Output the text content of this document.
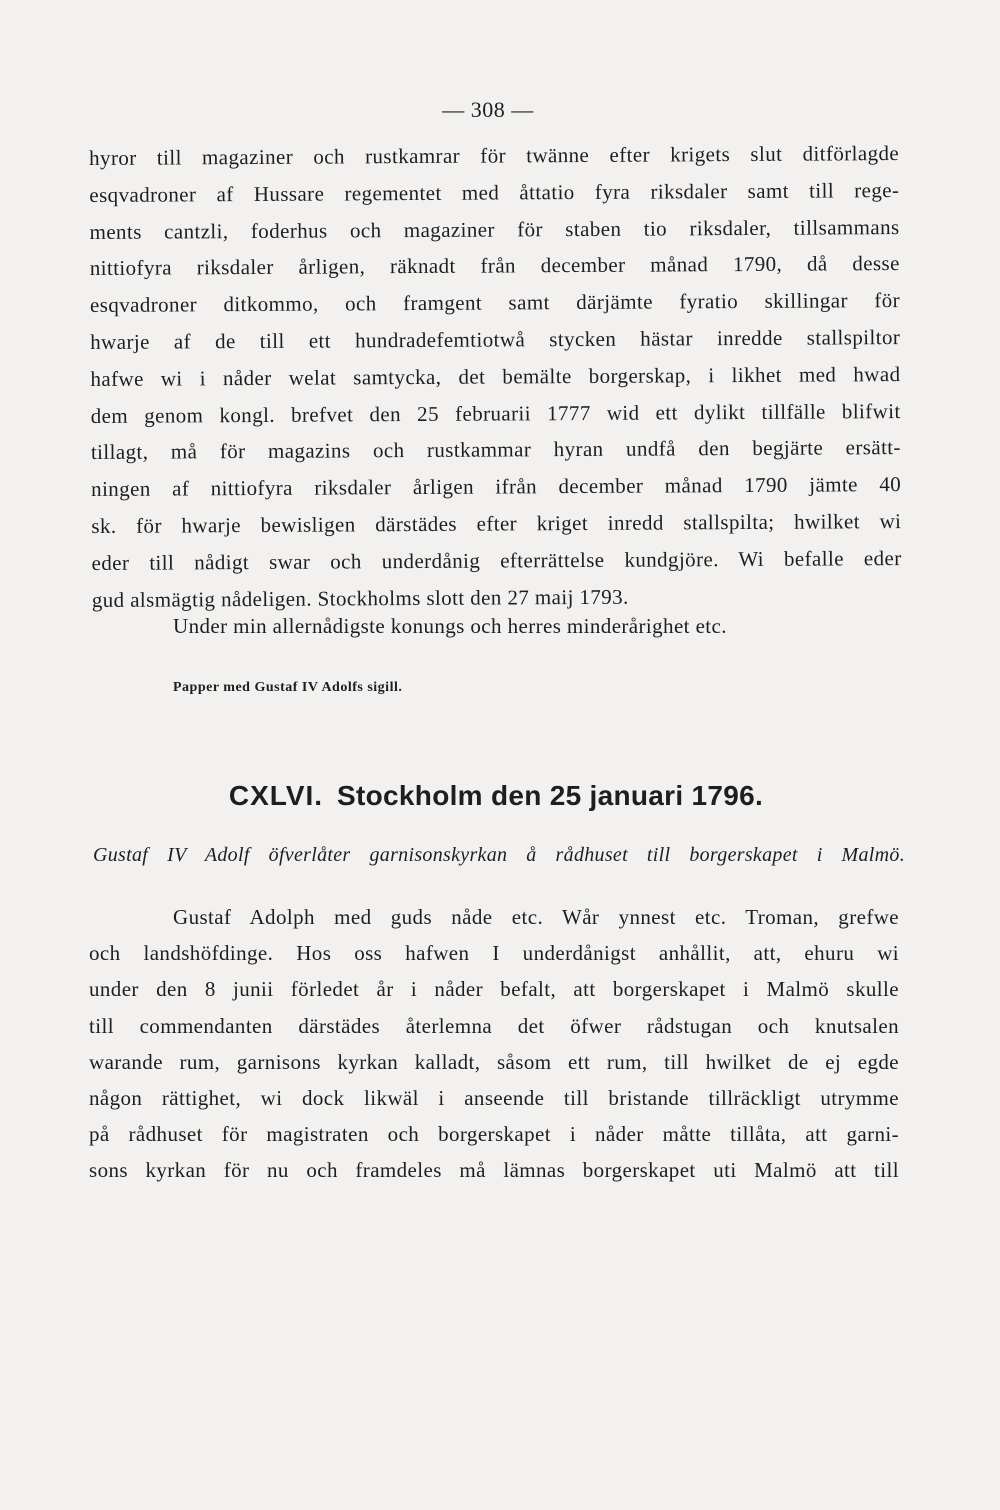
— 308 —
hyror till magaziner och rustkamrar för twänne efter krigets slut ditförlagde
esqvadroner af Hussare regementet med åttatio fyra riksdaler samt till rege-
ments cantzli, foderhus och magaziner för staben tio riksdaler, tillsammans
nittiofyra riksdaler årligen, räknadt från december månad 1790, då desse
esqvadroner ditkommo, och framgent samt därjämte fyratio skillingar för
hwarje af de till ett hundradefemtiotwå stycken hästar inredde stallspiltor
hafwe wi i nåder welat samtycka, det bemälte borgerskap, i likhet med hwad
dem genom kongl. brefvet den 25 februarii 1777 wid ett dylikt tillfälle blifwit
tillagt, må för magazins och rustkammar hyran undfå den begjärte ersätt-
ningen af nittiofyra riksdaler årligen ifrån december månad 1790 jämte 40
sk. för hwarje bewisligen därstädes efter kriget inredd stallspilta; hwilket wi
eder till nådigt swar och underdånig efterrättelse kundgjöre. Wi befalle eder
gud alsmägtig nådeligen. Stockholms slott den 27 maij 1793.
Under min allernådigste konungs och herres minderårighet etc.
Papper med Gustaf IV Adolfs sigill.
CXLVI. Stockholm den 25 januari 1796.
Gustaf IV Adolf öfverlåter garnisonskyrkan å rådhuset till borgerskapet i Malmö.
Gustaf Adolph med guds nåde etc. Wår ynnest etc. Troman, grefwe
och landshöfdinge. Hos oss hafwen I underdånigst anhållit, att, ehuru wi
under den 8 junii förledet år i nåder befalt, att borgerskapet i Malmö skulle
till commendanten därstädes återlemna det öfwer rådstugan och knutsalen
warande rum, garnisons kyrkan kalladt, såsom ett rum, till hwilket de ej egde
någon rättighet, wi dock likwäl i anseende till bristande tillräckligt utrymme
på rådhuset för magistraten och borgerskapet i nåder måtte tillåta, att garni-
sons kyrkan för nu och framdeles må lämnas borgerskapet uti Malmö att till
